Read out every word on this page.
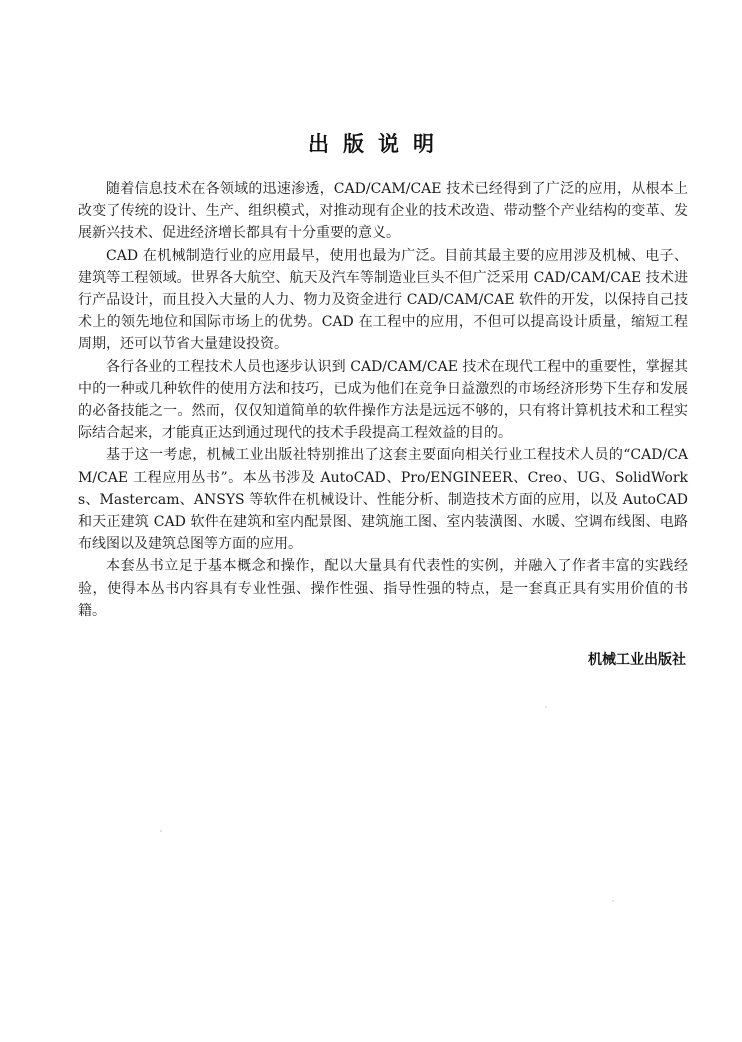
出版说明

随着信息技术在各领域的迅速渗透，CAD/CAM/CAE 技术已经得到了广泛的应用，从根本上改变了传统的设计、生产、组织模式，对推动现有企业的技术改造、带动整个产业结构的变革、发展新兴技术、促进经济增长都具有十分重要的意义。

CAD 在机械制造行业的应用最早，使用也最为广泛。目前其最主要的应用涉及机械、电子、建筑等工程领域。世界各大航空、航天及汽车等制造业巨头不但广泛采用 CAD/CAM/CAE 技术进行产品设计，而且投入大量的人力、物力及资金进行 CAD/CAM/CAE 软件的开发，以保持自己技术上的领先地位和国际市场上的优势。CAD 在工程中的应用，不但可以提高设计质量，缩短工程周期，还可以节省大量建设投资。

各行各业的工程技术人员也逐步认识到 CAD/CAM/CAE 技术在现代工程中的重要性，掌握其中的一种或几种软件的使用方法和技巧，已成为他们在竞争日益激烈的市场经济形势下生存和发展的必备技能之一。然而，仅仅知道简单的软件操作方法是远远不够的，只有将计算机技术和工程实际结合起来，才能真正达到通过现代的技术手段提高工程效益的目的。

基于这一考虑，机械工业出版社特别推出了这套主要面向相关行业工程技术人员的“CAD/CAM/CAE 工程应用丛书”。本丛书涉及 AutoCAD、Pro/ENGINEER、Creo、UG、SolidWorks、Mastercam、ANSYS 等软件在机械设计、性能分析、制造技术方面的应用，以及 AutoCAD 和天正建筑 CAD 软件在建筑和室内配景图、建筑施工图、室内装潢图、水暖、空调布线图、电路布线图以及建筑总图等方面的应用。

本套丛书立足于基本概念和操作，配以大量具有代表性的实例，并融入了作者丰富的实践经验，使得本丛书内容具有专业性强、操作性强、指导性强的特点，是一套真正具有实用价值的书籍。

机械工业出版社
